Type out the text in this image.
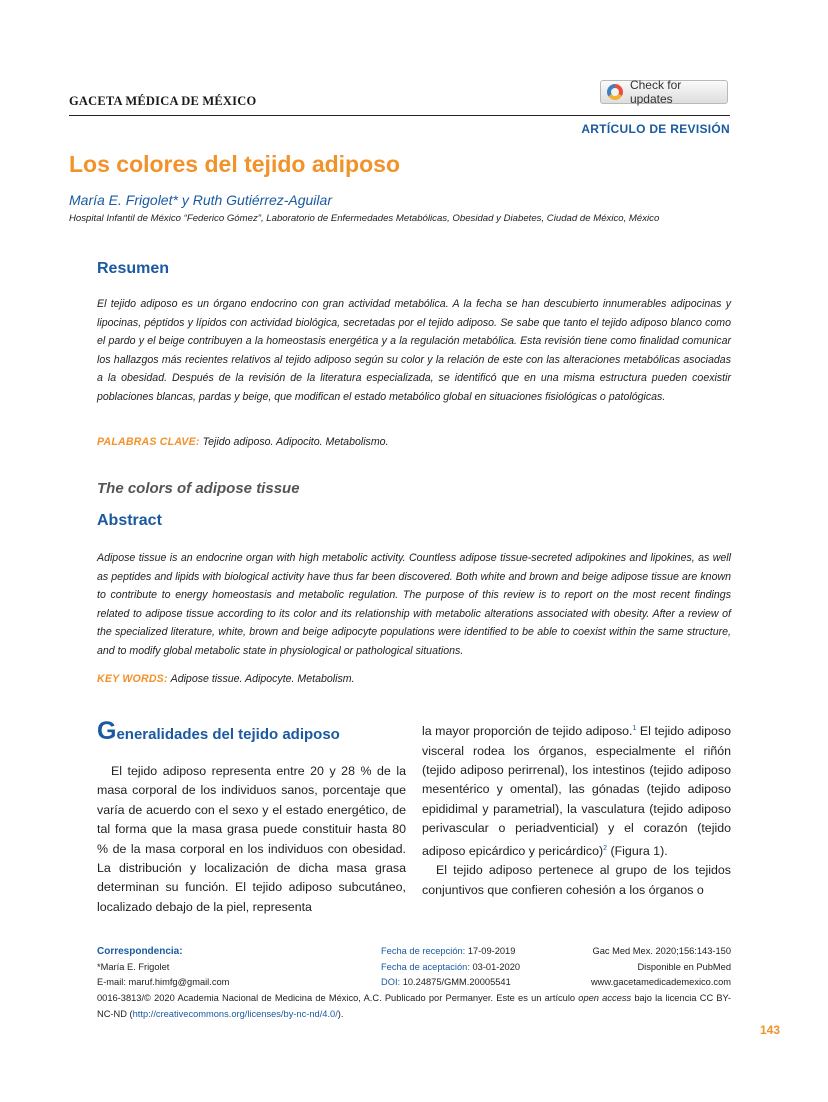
GACETA MÉDICA DE MÉXICO
Check for updates
ARTÍCULO DE REVISIÓN
Los colores del tejido adiposo
María E. Frigolet* y Ruth Gutiérrez-Aguilar
Hospital Infantil de México “Federico Gómez”, Laboratorio de Enfermedades Metabólicas, Obesidad y Diabetes, Ciudad de México, México
Resumen
El tejido adiposo es un órgano endocrino con gran actividad metabólica. A la fecha se han descubierto innumerables adipocinas y lipocinas, péptidos y lípidos con actividad biológica, secretadas por el tejido adiposo. Se sabe que tanto el tejido adiposo blanco como el pardo y el beige contribuyen a la homeostasis energética y a la regulación metabólica. Esta revisión tiene como finalidad comunicar los hallazgos más recientes relativos al tejido adiposo según su color y la relación de este con las alteraciones metabólicas asociadas a la obesidad. Después de la revisión de la literatura especializada, se identificó que en una misma estructura pueden coexistir poblaciones blancas, pardas y beige, que modifican el estado metabólico global en situaciones fisiológicas o patológicas.
PALABRAS CLAVE: Tejido adiposo. Adipocito. Metabolismo.
The colors of adipose tissue
Abstract
Adipose tissue is an endocrine organ with high metabolic activity. Countless adipose tissue-secreted adipokines and lipokines, as well as peptides and lipids with biological activity have thus far been discovered. Both white and brown and beige adipose tissue are known to contribute to energy homeostasis and metabolic regulation. The purpose of this review is to report on the most recent findings related to adipose tissue according to its color and its relationship with metabolic alterations associated with obesity. After a review of the specialized literature, white, brown and beige adipocyte populations were identified to be able to coexist within the same structure, and to modify global metabolic state in physiological or pathological situations.
KEY WORDS: Adipose tissue. Adipocyte. Metabolism.
Generalidades del tejido adiposo

El tejido adiposo representa entre 20 y 28 % de la masa corporal de los individuos sanos, porcentaje que varía de acuerdo con el sexo y el estado energético, de tal forma que la masa grasa puede constituir hasta 80 % de la masa corporal en los individuos con obesidad. La distribución y localización de dicha masa grasa determinan su función. El tejido adiposo subcutáneo, localizado debajo de la piel, representa

la mayor proporción de tejido adiposo.$^1$ El tejido adiposo visceral rodea los órganos, especialmente el riñón (tejido adiposo perirrenal), los intestinos (tejido adiposo mesentérico y omental), las gónadas (tejido adiposo epididimal y parametrial), la vasculatura (tejido adiposo perivascular o periadventicial) y el corazón (tejido adiposo epicárdico y pericárdico)$^2$ (Figura 1).

El tejido adiposo pertenece al grupo de los tejidos conjuntivos que confieren cohesión a los órganos o

Correspondencia:
*María E. Frigolet
E-mail: maruf.himfg@gmail.com
Fecha de recepción: 17-09-2019
Fecha de aceptación: 03-01-2020
DOI: 10.24875/GMM.20005541
Gac Med Mex. 2020;156:143-150
Disponible en PubMed
www.gacetamedicademexico.com
0016-3813/© 2020 Academia Nacional de Medicina de México, A.C. Publicado por Permanyer. Este es un artículo open access bajo la licencia CC BY-NC-ND (http://creativecommons.org/licenses/by-nc-nd/4.0/).
143
